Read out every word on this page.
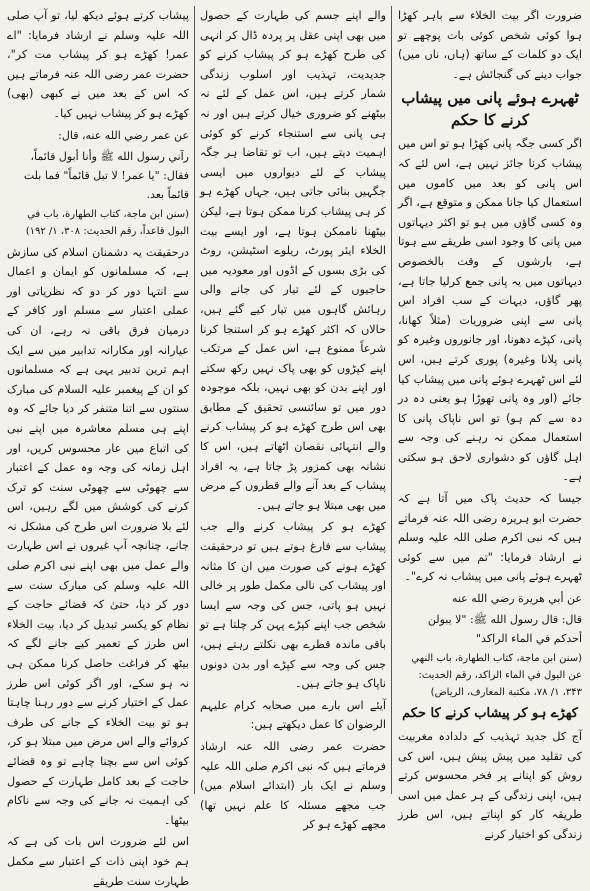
ضرورت اگر بیت الخلاء سے باہر کھڑا ہوا کوئی شخص کوئی بات پوچھے تو ایک دو کلمات کے ساتھ (ہاں، ناں میں) جواب دینے کی گنجائش ہے۔

ٹھہرے ہوئے پانی میں پیشاب کرنے کا حکم

اگر کسی جگہ پانی کھڑا ہو تو اس میں پیشاب کرنا جائز نہیں ہے، اس لئے کہ اس پانی کو بعد میں کاموں میں استعمال کیا جانا ممکن و متوقع ہے، اگر وہ کسی گاؤں میں ہو تو اکثر دیہاتوں میں پانی کا وجود اسی طریقے سے ہوتا ہے، بارشوں کے وقت بالخصوص دیہاتوں میں یہ پانی جمع کرلیا جاتا ہے، پھر گاؤں، دیہات کے سب افراد اس پانی سے اپنی ضروریات (مثلاً کھانا، پانی، کپڑے دھونا، اور جانوروں وغیرہ کو پانی پلانا وغیرہ) پوری کرتے ہیں، اس لئے اس ٹھہرے ہوئے پانی میں پیشاب کیا جائے (اور وہ پانی تھوڑا ہو یعنی دہ در دہ سے کم ہو) تو اس ناپاک پانی کا استعمال ممکن نہ رہنے کی وجہ سے اہل گاؤں کو دشواری لاحق ہو سکتی ہے۔

جیسا کہ حدیث پاک میں آتا ہے کہ حضرت ابو ہریرہ رضی اللہ عنہ فرماتے ہیں کہ نبی اکرم صلی اللہ علیہ وسلم نے ارشاد فرمایا: "تم میں سے کوئی ٹھہرے ہوئے پانی میں پیشاب نہ کرے"۔

عن أبي هريرة رضي الله عنه
قال: قال رسول الله ﷺ: "لا يبولن أحدكم في الماء الراكد"
(سنن ابن ماجة، كتاب الطهارة، باب النهي عن البول في الماء الراكد، رقم الحديث: ۳۴۳، ۱/ ۷۸، مكتبة المعارف، الرياض)
کھڑے ہو کر پیشاب کرنے کا حکم

آج کل جدید تہذیب کے دلدادہ مغربیت کی تقلید میں پیش پیش ہیں، اس کی روش کو اپنانے پر فخر محسوس کرتے ہیں، اپنی زندگی کے ہر عمل میں اسی طریقہ کار کو اپناتے ہیں، اس طرز زندگی کو اختیار کرنے

والے اپنے جسم کی طہارت کے حصول میں بھی اپنی عقل پر پردہ ڈال کر انہی کی طرح کھڑے ہو کر پیشاب کرنے کو جدیدیت، تہذیب اور اسلوب زندگی شمار کرتے ہیں، اس عمل کے لئے نہ بیٹھنے کو ضروری خیال کرتے ہیں اور نہ ہی پانی سے استنجاء کرنے کو کوئی اہمیت دیتے ہیں، اب تو تقاضا ہر جگہ پیشاب کے لئے دیواروں میں ایسی جگہیں بنائی جاتی ہیں، جہاں کھڑے ہو کر ہی پیشاب کرنا ممکن ہوتا ہے، لیکن بیٹھنا ناممکن ہوتا ہے، اور ایسے بیت الخلاء ایئر پورٹ، ریلوے اسٹیشن، روٹ کی بڑی بسوں کے اڈوں اور معودیہ میں حاجیوں کے لئے تیار کی جانے والی رہائش گاہوں میں تیار کیے گئے ہیں، حالاں کہ اکثر کھڑے ہو کر استنجا کرنا شرعاً ممنوع ہے، اس عمل کے مرتکب اپنے کپڑوں کو بھی پاک نہیں رکھ سکتے اور اپنے بدن کو بھی نہیں، بلکہ موجودہ دور میں تو سائنسی تحقیق کے مطابق بھی اس طرح کھڑے ہو کر پیشاب کرنے والے انتہائی نقصان اٹھاتے ہیں، اس کا نشانہ بھی کمزور پڑ جاتا ہے، یہ افراد پیشاب کے بعد آنے والے قطروں کے مرض میں بھی مبتلا ہو جاتے ہیں۔

کھڑے ہو کر پیشاب کرنے والے جب پیشاب سے فارغ ہوتے ہیں تو درحقیقت کھڑے ہونے کی صورت میں ان کا مثانہ اور پیشاب کی نالی مکمل طور پر خالی نہیں ہو پاتی، جس کی وجہ سے ایسا شخص جب اپنے کپڑے پہن کر چلتا ہے تو باقی ماندہ قطرے بھی نکلتے رہتے ہیں، جس کی وجہ سے کپڑے اور بدن دونوں ناپاک ہو جاتے ہیں۔

آیئے اس بارے میں صحابہ کرام علیہم الرضوان کا عمل دیکھتے ہیں:

حضرت عمر رضی اللہ عنہ ارشاد فرماتے ہیں کہ نبی اکرم صلی اللہ علیہ وسلم نے ایک بار (ابتدائے اسلام میں) جب مجھے مسئلہ کا علم نہیں تھا) مجھے کھڑے ہو کر

پیشاب کرتے ہوئے دیکھ لیا، تو آپ صلی اللہ علیہ وسلم نے ارشاد فرمایا: "اے عمر! کھڑے ہو کر پیشاب مت کر"، حضرت عمر رضی اللہ عنہ فرماتے ہیں کہ اس کے بعد میں نے کبھی (بھی) کھڑے ہو کر پیشاب نہیں کیا۔

عن عمر رضي الله عنه، قال:
رآني رسول الله ﷺ وأنا أبول قائماً، فقال: "يا عمر! لا تبل قائماً" فما بلت قائماً بعد.
(سنن ابن ماجة، كتاب الطهارة، باب في البول قاعداً، رقم الحديث: ۳۰۸، ۱/ ۱۹۲)

درحقیقت یہ دشمنان اسلام کی سازش ہے، کہ مسلمانوں کو ایمان و اعمال سے انتہا دور کر دو کہ نظریاتی اور عملی اعتبار سے مسلم اور کافر کے درمیان فرق باقی نہ رہے، ان کی عیارانہ اور مکارانہ تدابیر میں سے ایک اہم ترین تدبیر یہی ہے کہ مسلمانوں کو ان کے پیغمبر علیہ السلام کی مبارک سنتوں سے اتنا متنفر کر دیا جائے کہ وہ اپنے ہی مسلم معاشرہ میں اپنے نبی کی اتباع میں عار محسوس کریں، اور اہل زمانہ کی وجہ وہ عمل کے اعتبار سے چھوٹی سے چھوٹی سنت کو ترک کرنے کی کوشش میں لگے رہیں، اس لئے بلا ضرورت اس طرح کی مشکل نہ جانے، چنانچہ آپ غیروں نے اس طہارت والے عمل میں بھی اپنے نبی اکرم صلی اللہ علیہ وسلم کی مبارک سنت سے دور کر دیا، حتیٰ کہ قضائے حاجت کے نظام کو یکسر تبدیل کر دیا، بیت الخلاء اس طرز کے تعمیر کیے جانے لگے کہ بیٹھ کر فراغت حاصل کرنا ممکن ہی نہ ہو سکے، اور اگر کوئی اس طرز عمل کے اختیار کرنے سے دور رہنا چاہتا ہو تو بیت الخلاء کے جانے کی طرف کروائے والے اس مرض میں مبتلا ہو کر، کوئی اس سے بچنا چاہے تو وہ قضائے حاجت کے بعد کامل طہارت کے حصول کی اہمیت نہ جانے کی وجہ سے ناکام بیٹھا۔

اس لئے ضرورت اس بات کی ہے کہ ہم خود اپنی ذات کے اعتبار سے مکمل طہارت سنت طریقے
